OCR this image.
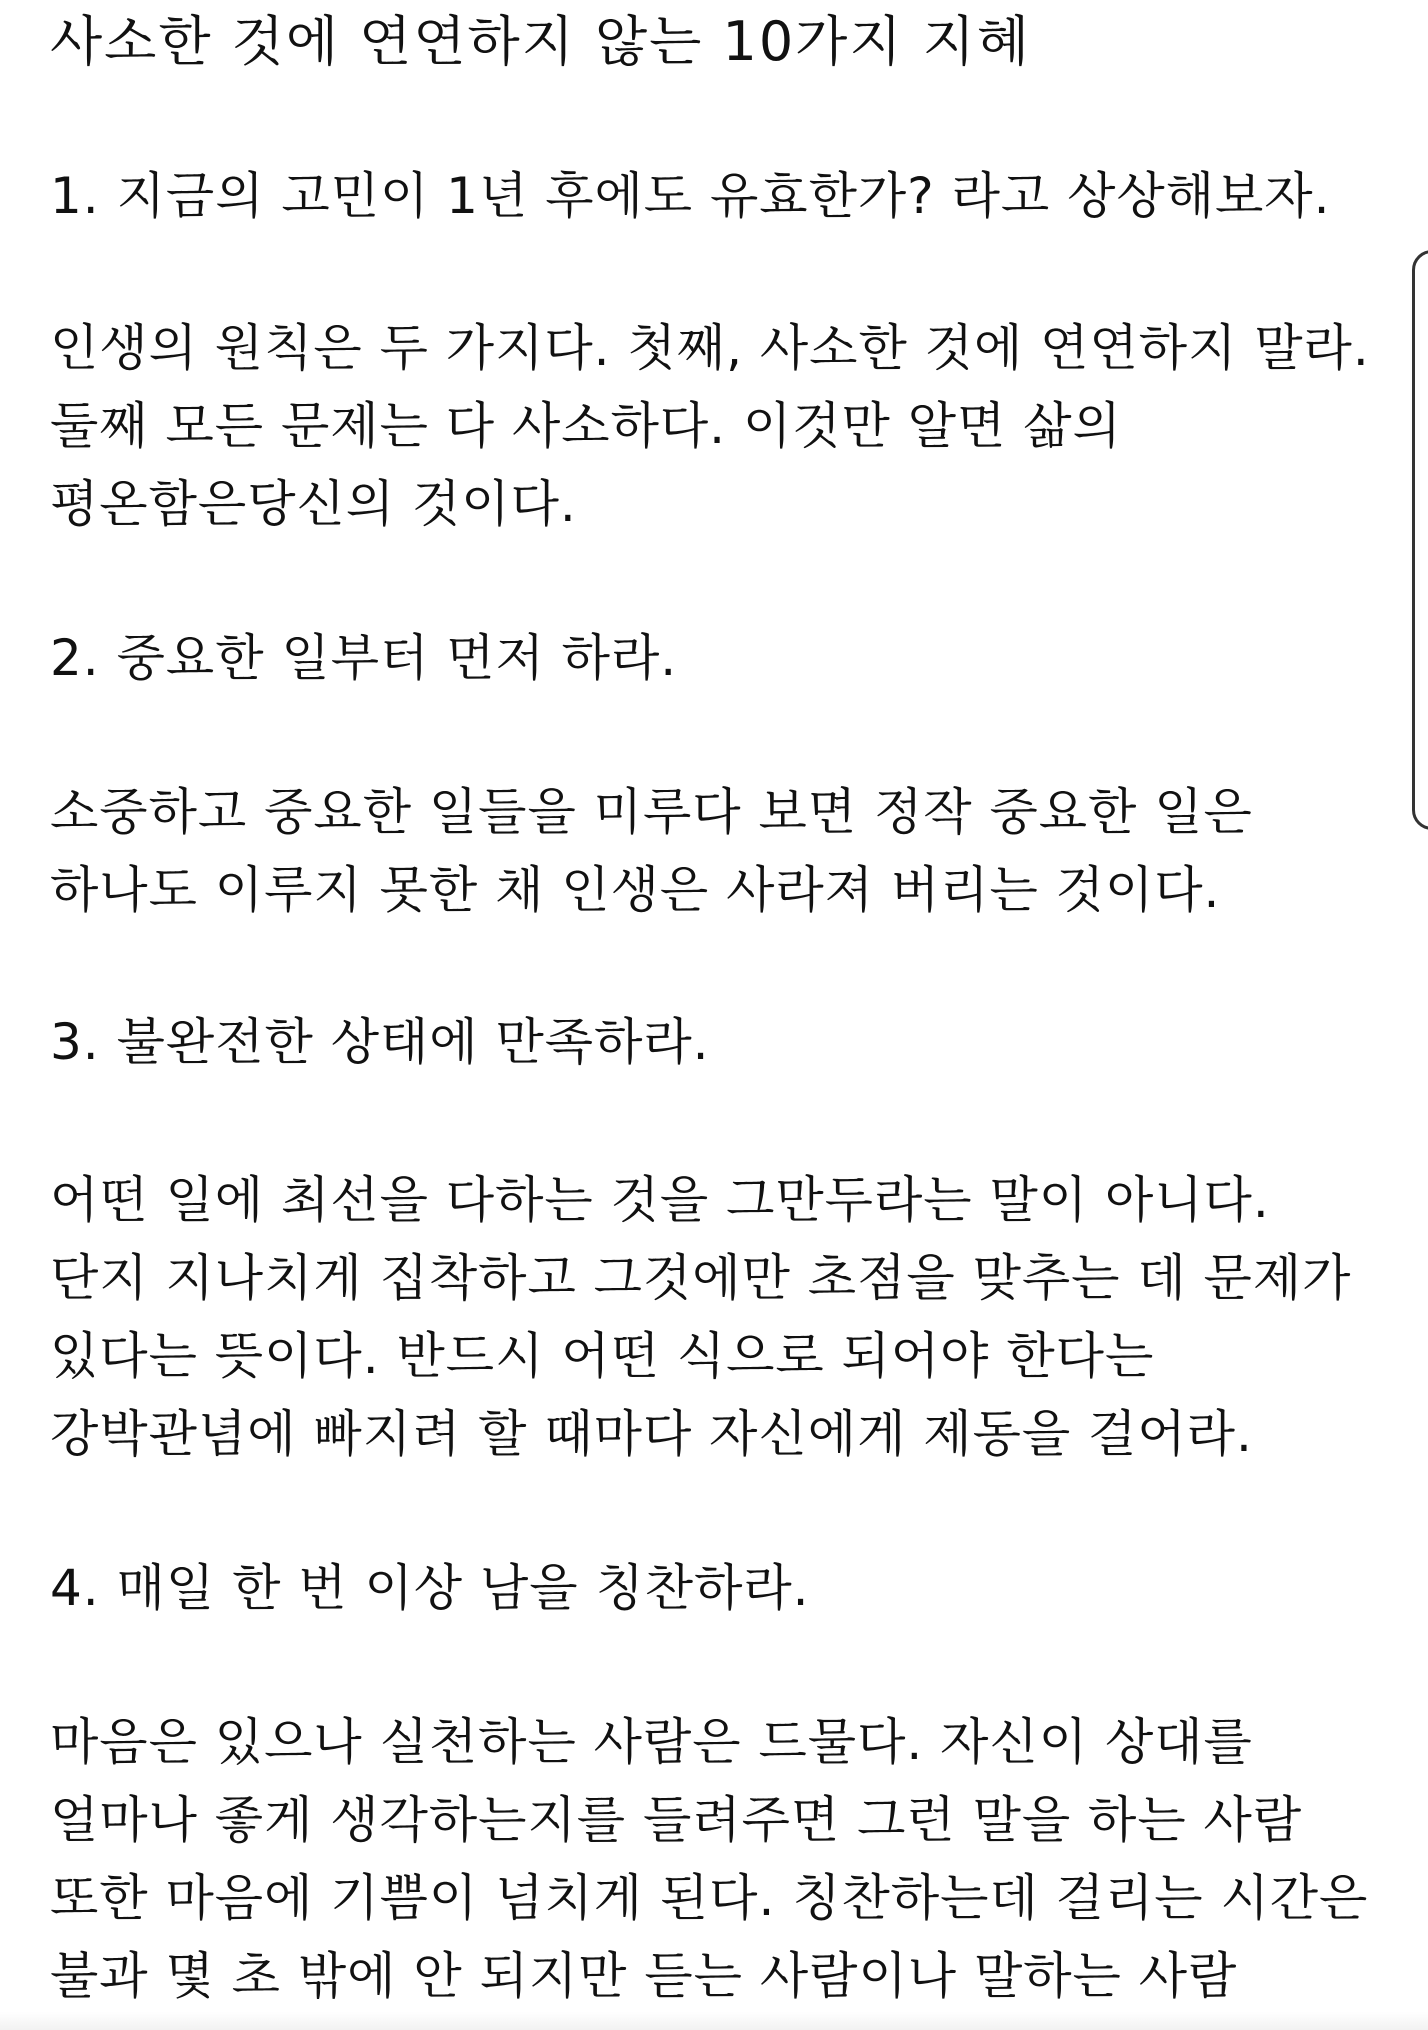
사소한 것에 연연하지 않는 10가지 지혜
1. 지금의 고민이 1년 후에도 유효한가? 라고 상상해보자.
인생의 원칙은 두 가지다. 첫째, 사소한 것에 연연하지 말라.
둘째 모든 문제는 다 사소하다. 이것만 알면 삶의
평온함은당신의 것이다.
2. 중요한 일부터 먼저 하라.
소중하고 중요한 일들을 미루다 보면 정작 중요한 일은
하나도 이루지 못한 채 인생은 사라져 버리는 것이다.
3. 불완전한 상태에 만족하라.
어떤 일에 최선을 다하는 것을 그만두라는 말이 아니다.
단지 지나치게 집착하고 그것에만 초점을 맞추는 데 문제가
있다는 뜻이다. 반드시 어떤 식으로 되어야 한다는
강박관념에 빠지려 할 때마다 자신에게 제동을 걸어라.
4. 매일 한 번 이상 남을 칭찬하라.
마음은 있으나 실천하는 사람은 드물다. 자신이 상대를
얼마나 좋게 생각하는지를 들려주면 그런 말을 하는 사람
또한 마음에 기쁨이 넘치게 된다. 칭찬하는데 걸리는 시간은
불과 몇 초 밖에 안 되지만 듣는 사람이나 말하는 사람
